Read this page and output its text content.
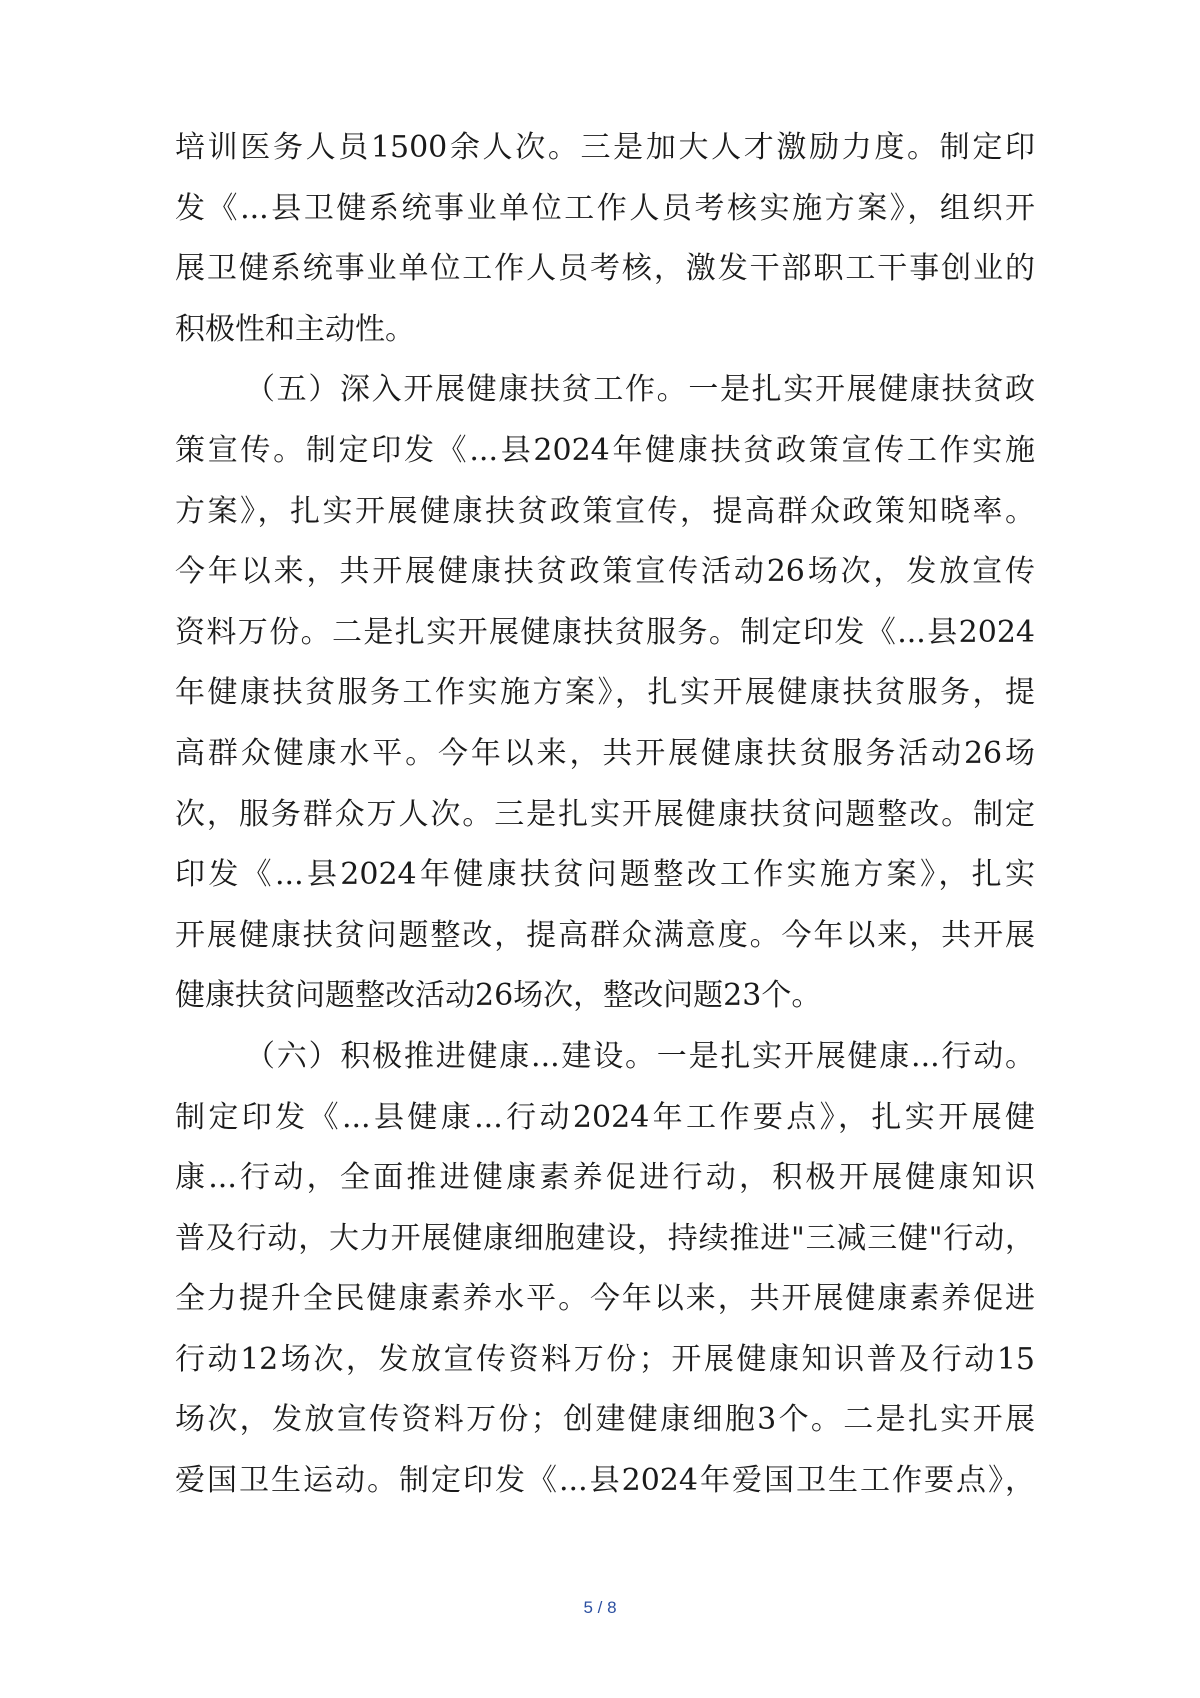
培训医务人员1500余人次。三是加大人才激励力度。制定印
发《...县卫健系统事业单位工作人员考核实施方案》，组织开
展卫健系统事业单位工作人员考核，激发干部职工干事创业的
积极性和主动性。
（五）深入开展健康扶贫工作。一是扎实开展健康扶贫政
策宣传。制定印发《...县2024年健康扶贫政策宣传工作实施
方案》，扎实开展健康扶贫政策宣传，提高群众政策知晓率。
今年以来，共开展健康扶贫政策宣传活动26场次，发放宣传
资料万份。二是扎实开展健康扶贫服务。制定印发《...县2024
年健康扶贫服务工作实施方案》，扎实开展健康扶贫服务，提
高群众健康水平。今年以来，共开展健康扶贫服务活动26场
次，服务群众万人次。三是扎实开展健康扶贫问题整改。制定
印发《...县2024年健康扶贫问题整改工作实施方案》，扎实
开展健康扶贫问题整改，提高群众满意度。今年以来，共开展
健康扶贫问题整改活动26场次，整改问题23个。
（六）积极推进健康...建设。一是扎实开展健康...行动。
制定印发《...县健康...行动2024年工作要点》，扎实开展健
康...行动，全面推进健康素养促进行动，积极开展健康知识
普及行动，大力开展健康细胞建设，持续推进"三减三健"行动，
全力提升全民健康素养水平。今年以来，共开展健康素养促进
行动12场次，发放宣传资料万份；开展健康知识普及行动15
场次，发放宣传资料万份；创建健康细胞3个。二是扎实开展
爱国卫生运动。制定印发《...县2024年爱国卫生工作要点》，
5 / 8
